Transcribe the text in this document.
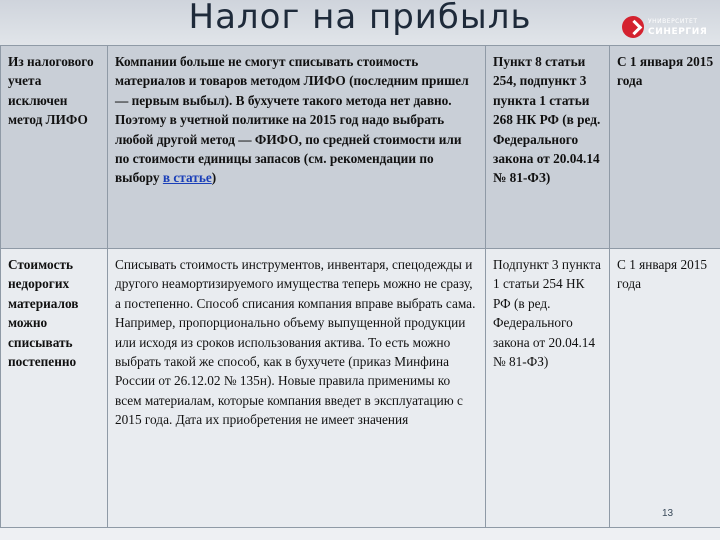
Налог на прибыль	УНИВЕРСИТЕТ
СИНЕРГИЯ
Из налогового учета исключен метод ЛИФО	Компании больше не смогут списывать стоимость материалов и товаров методом ЛИФО (последним пришел — первым выбыл). В бухучете такого метода нет давно. Поэтому в учетной политике на 2015 год надо выбрать любой другой метод — ФИФО, по средней стоимости или по стоимости единицы запасов (см. рекомендации по выбору в статье)	Пункт 8 статьи 254, подпункт 3 пункта 1 статьи 268 НК РФ (в ред. Федерального закона от 20.04.14 № 81-ФЗ)	С 1 января 2015 года
Стоимость недорогих материалов можно списывать постепенно	Списывать стоимость инструментов, инвентаря, спецодежды и другого неамортизируемого имущества теперь можно не сразу, а постепенно. Способ списания компания вправе выбрать сама. Например, пропорционально объему выпущенной продукции или исходя из сроков использования актива. То есть можно выбрать такой же способ, как в бухучете (приказ Минфина России от 26.12.02 № 135н). Новые правила применимы ко всем материалам, которые компания введет в эксплуатацию с 2015 года. Дата их приобретения не имеет значения	Подпункт 3 пункта 1 статьи 254 НК РФ (в ред. Федерального закона от 20.04.14 № 81-ФЗ)	С 1 января 2015 года
13
